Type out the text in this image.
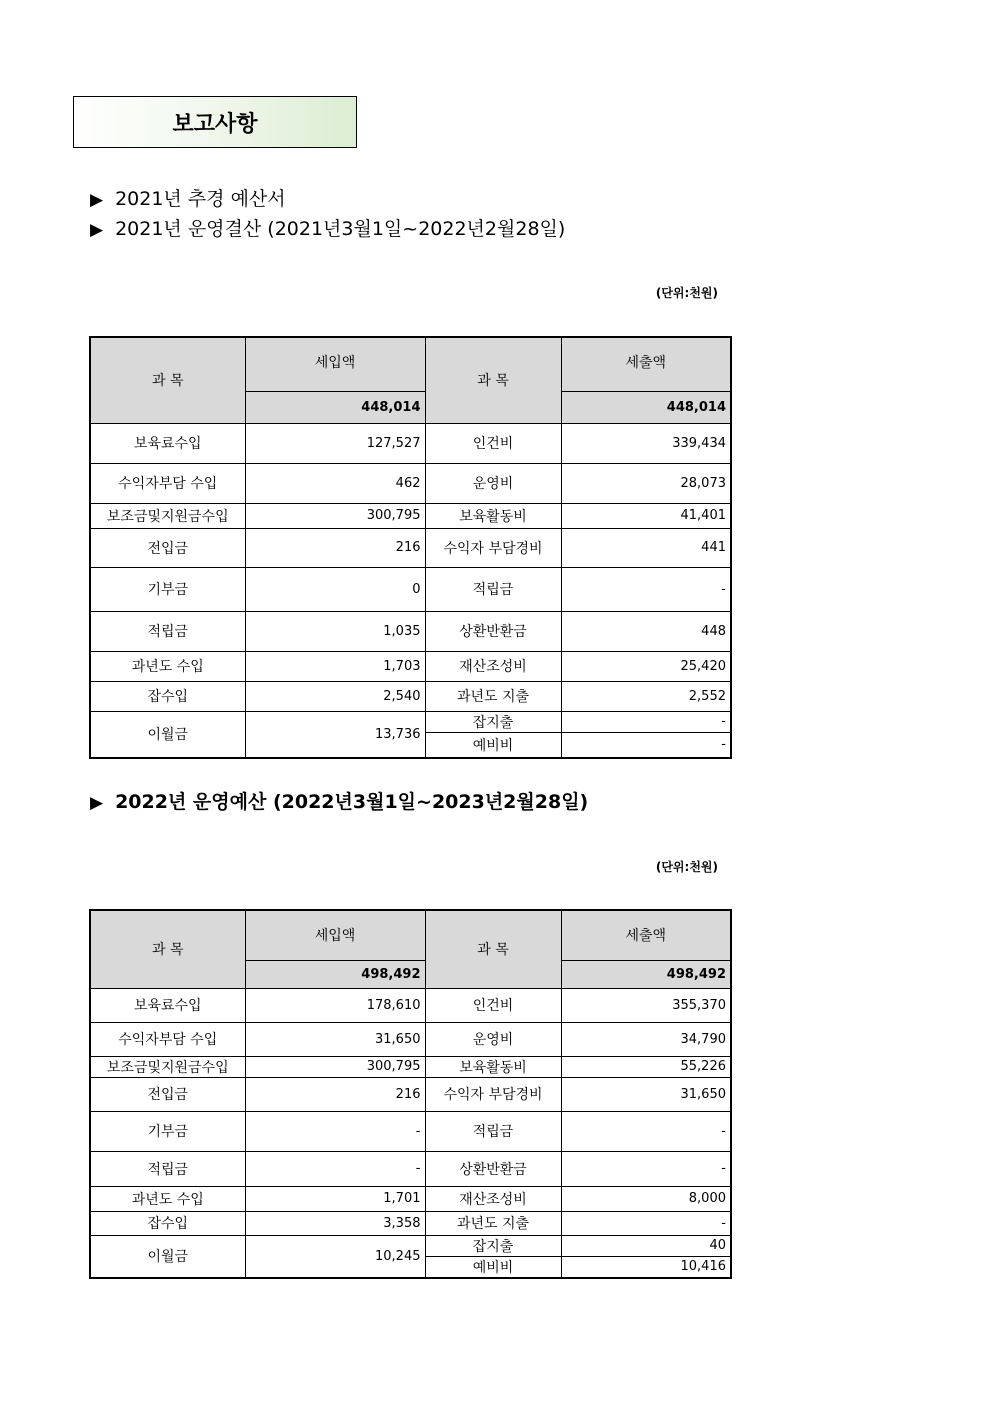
보고사항
▶ 2021년 추경 예산서
▶ 2021년 운영결산 (2021년3월1일~2022년2월28일)
(단위:천원)
과 목	세입액	과 목	세출액
	448,014		448,014
보육료수입	127,527	인건비	339,434
수익자부담 수입	462	운영비	28,073
보조금및지원금수입	300,795	보육활동비	41,401
전입금	216	수익자 부담경비	441
기부금	0	적립금	-
적립금	1,035	상환반환금	448
과년도 수입	1,703	재산조성비	25,420
잡수입	2,540	과년도 지출	2,552
이월금	13,736	잡지출	-
		예비비	-
▶ 2022년 운영예산 (2022년3월1일~2023년2월28일)
(단위:천원)
과 목	세입액	과 목	세출액
	498,492		498,492
보육료수입	178,610	인건비	355,370
수익자부담 수입	31,650	운영비	34,790
보조금및지원금수입	300,795	보육활동비	55,226
전입금	216	수익자 부담경비	31,650
기부금	-	적립금	-
적립금	-	상환반환금	-
과년도 수입	1,701	재산조성비	8,000
잡수입	3,358	과년도 지출	-
이월금	10,245	잡지출	40
		예비비	10,416
